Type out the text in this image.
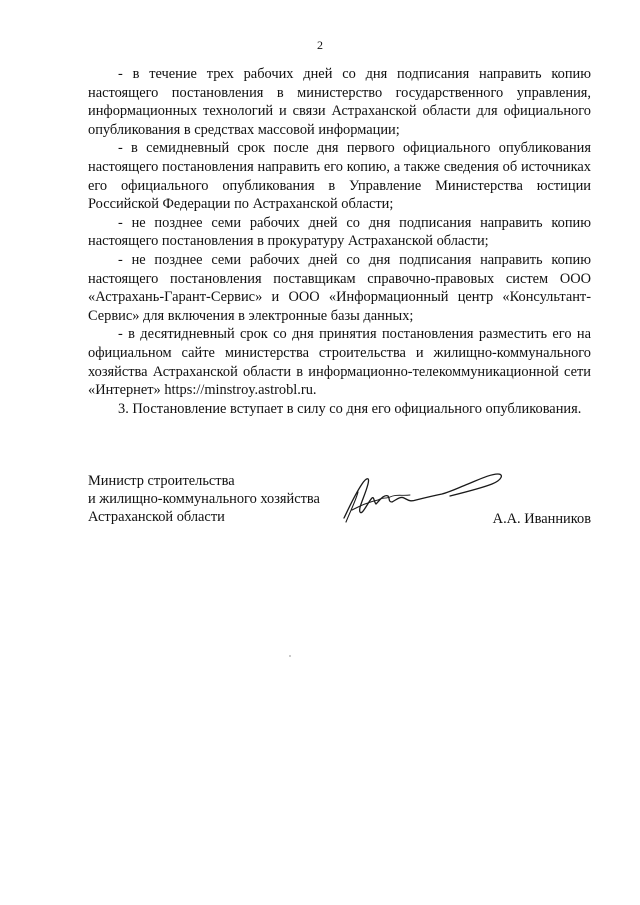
2

- в течение трех рабочих дней со дня подписания направить копию настоящего постановления в министерство государственного управления, информационных технологий и связи Астраханской области для официального опубликования в средствах массовой информации;

- в семидневный срок после дня первого официального опубликования настоящего постановления направить его копию, а также сведения об источниках его официального опубликования в Управление Министерства юстиции Российской Федерации по Астраханской области;

- не позднее семи рабочих дней со дня подписания направить копию настоящего постановления в прокуратуру Астраханской области;

- не позднее семи рабочих дней со дня подписания направить копию настоящего постановления поставщикам справочно-правовых систем ООО «Астрахань-Гарант-Сервис» и ООО «Информационный центр «Консультант-Сервис» для включения в электронные базы данных;

- в десятидневный срок со дня принятия постановления разместить его на официальном сайте министерства строительства и жилищно-коммунального хозяйства Астраханской области в информационно-телекоммуникационной сети «Интернет» https://minstroy.astrobl.ru.

3. Постановление вступает в силу со дня его официального опубликования.

Министр строительства
и жилищно-коммунального хозяйства
Астраханской области	А.А. Иванников
